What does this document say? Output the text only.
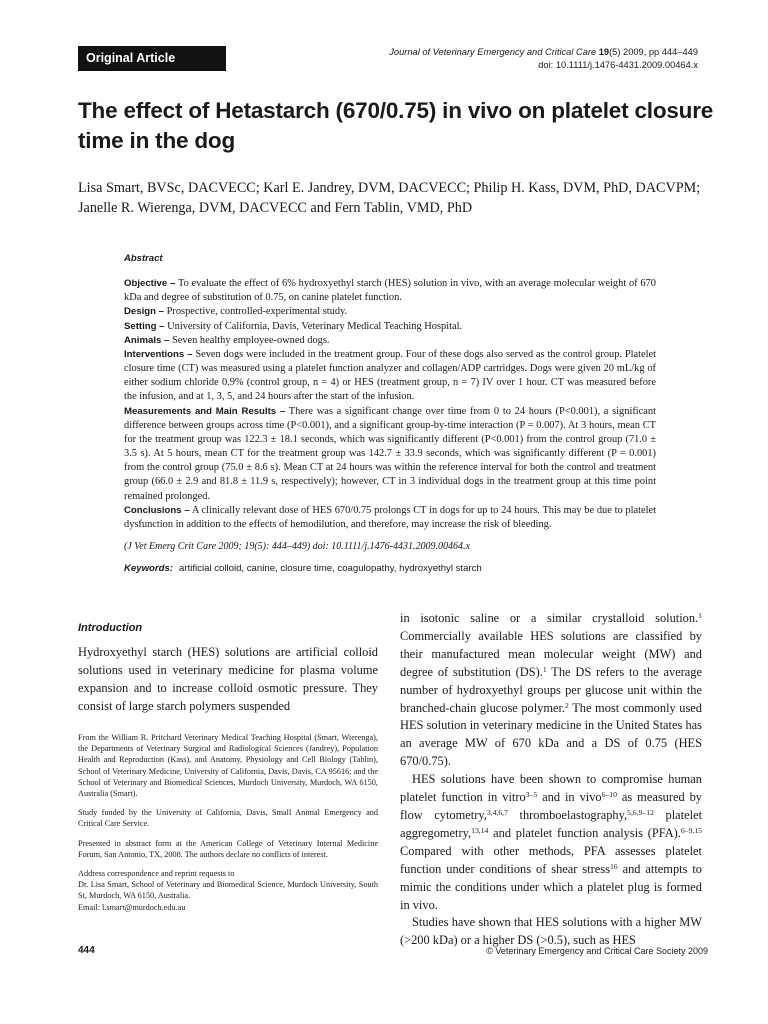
Original Article	Journal of Veterinary Emergency and Critical Care 19(5) 2009, pp 444–449
doi: 10.1111/j.1476-4431.2009.00464.x
The effect of Hetastarch (670/0.75) in vivo on platelet closure time in the dog
Lisa Smart, BVSc, DACVECC; Karl E. Jandrey, DVM, DACVECC; Philip H. Kass, DVM, PhD, DACVPM; Janelle R. Wierenga, DVM, DACVECC and Fern Tablin, VMD, PhD
Abstract

Objective – To evaluate the effect of 6% hydroxyethyl starch (HES) solution in vivo, with an average molecular weight of 670 kDa and degree of substitution of 0.75, on canine platelet function.

Design – Prospective, controlled-experimental study.

Setting – University of California, Davis, Veterinary Medical Teaching Hospital.

Animals – Seven healthy employee-owned dogs.

Interventions – Seven dogs were included in the treatment group. Four of these dogs also served as the control group. Platelet closure time (CT) was measured using a platelet function analyzer and collagen/ADP cartridges. Dogs were given 20 mL/kg of either sodium chloride 0.9% (control group, n = 4) or HES (treatment group, n = 7) IV over 1 hour. CT was measured before the infusion, and at 1, 3, 5, and 24 hours after the start of the infusion.

Measurements and Main Results – There was a significant change over time from 0 to 24 hours (P<0.001), a significant difference between groups across time (P<0.001), and a significant group-by-time interaction (P = 0.007). At 3 hours, mean CT for the treatment group was 122.3 ± 18.1 seconds, which was significantly different (P<0.001) from the control group (71.0 ± 3.5 s). At 5 hours, mean CT for the treatment group was 142.7 ± 33.9 seconds, which was significantly different (P = 0.001) from the control group (75.0 ± 8.6 s). Mean CT at 24 hours was within the reference interval for both the control and treatment group (66.0 ± 2.9 and 81.8 ± 11.9 s, respectively); however, CT in 3 individual dogs in the treatment group at this time point remained prolonged.

Conclusions – A clinically relevant dose of HES 670/0.75 prolongs CT in dogs for up to 24 hours. This may be due to platelet dysfunction in addition to the effects of hemodilution, and therefore, may increase the risk of bleeding.

(J Vet Emerg Crit Care 2009; 19(5): 444–449) doi: 10.1111/j.1476-4431.2009.00464.x
Keywords: artificial colloid, canine, closure time, coagulopathy, hydroxyethyl starch
Introduction

Hydroxyethyl starch (HES) solutions are artificial colloid solutions used in veterinary medicine for plasma volume expansion and to increase colloid osmotic pressure. They consist of large starch polymers suspended

From the William R. Pritchard Veterinary Medical Teaching Hospital (Smart, Wierenga), the Departments of Veterinary Surgical and Radiological Sciences (Jandrey), Population Health and Reproduction (Kass), and Anatomy, Physiology and Cell Biology (Tablin), School of Veterinary Medicine, University of California, Davis, Davis, CA 95616; and the School of Veterinary and Biomedical Sciences, Murdoch University, Murdoch, WA 6150, Australia (Smart).

Study funded by the University of California, Davis, Small Animal Emergency and Critical Care Service.

Presented in abstract form at the American College of Veterinary Internal Medicine Forum, San Antonio, TX, 2008. The authors declare no conflicts of interest.

Address correspondence and reprint requests to
Dr. Lisa Smart, School of Veterinary and Biomedical Science, Murdoch University, South St, Murdoch, WA 6150, Australia.
Email: l.smart@murdoch.edu.au

in isotonic saline or a similar crystalloid solution.$^1$ Commercially available HES solutions are classified by their manufactured mean molecular weight (MW) and degree of substitution (DS).$^1$ The DS refers to the average number of hydroxyethyl groups per glucose unit within the branched-chain glucose polymer.$^2$ The most commonly used HES solution in veterinary medicine in the United States has an average MW of 670 kDa and a DS of 0.75 (HES 670/0.75).

HES solutions have been shown to compromise human platelet function in vitro$^{3-5}$ and in vivo$^{6-10}$ as measured by flow cytometry,$^{3,4,6,7}$ thromboelastography,$^{5,6,9-12}$ platelet aggregometry,$^{13,14}$ and platelet function analysis (PFA).$^{6-9,15}$ Compared with other methods, PFA assesses platelet function under conditions of shear stress$^{16}$ and attempts to mimic the conditions under which a platelet plug is formed in vivo.

Studies have shown that HES solutions with a higher MW (>200 kDa) or a higher DS (>0.5), such as HES

444	© Veterinary Emergency and Critical Care Society 2009
